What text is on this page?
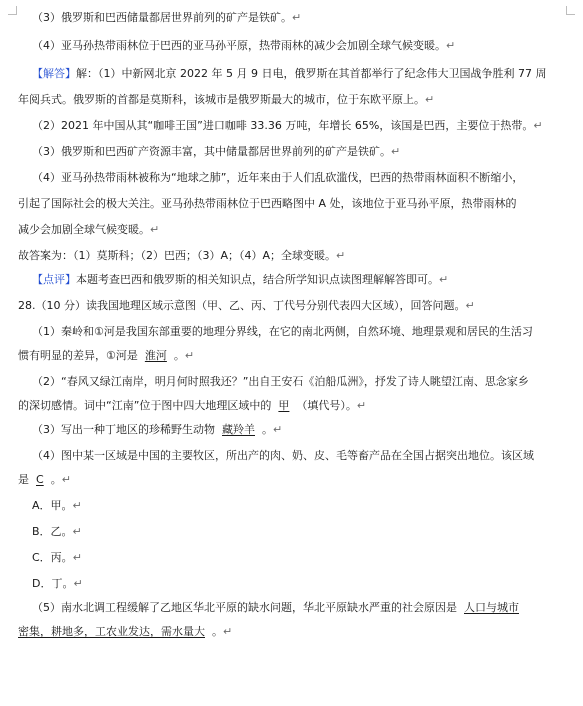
（3）俄罗斯和巴西储量都居世界前列的矿产是铁矿。↵
（4）亚马孙热带雨林位于巴西的亚马孙平原，热带雨林的减少会加剧全球气候变暖。↵
【解答】解：（1）中新网北京 2022 年 5 月 9 日电，俄罗斯在其首都举行了纪念伟大卫国战争胜利 77 周
年阅兵式。俄罗斯的首都是莫斯科，该城市是俄罗斯最大的城市，位于东欧平原上。↵
（2）2021 年中国从其“咖啡王国”进口咖啡 33.36 万吨，年增长 65%，该国是巴西，主要位于热带。↵
（3）俄罗斯和巴西矿产资源丰富，其中储量都居世界前列的矿产是铁矿。↵
（4）亚马孙热带雨林被称为“地球之肺”，近年来由于人们乱砍滥伐，巴西的热带雨林面积不断缩小，
引起了国际社会的极大关注。亚马孙热带雨林位于巴西略图中 A 处，该地位于亚马孙平原，热带雨林的
减少会加剧全球气候变暖。↵
故答案为：（1）莫斯科；（2）巴西；（3）A；（4）A；全球变暖。↵
【点评】本题考查巴西和俄罗斯的相关知识点，结合所学知识点读图理解解答即可。↵
28.（10 分）读我国地理区域示意图（甲、乙、丙、丁代号分别代表四大区域），回答问题。↵
（1）秦岭和①河是我国东部重要的地理分界线，在它的南北两侧，自然环境、地理景观和居民的生活习
惯有明显的差异，①河是 淮河 。↵
（2）“春风又绿江南岸，明月何时照我还？”出自王安石《泊船瓜洲》，抒发了诗人眺望江南、思念家乡
的深切感情。词中“江南”位于图中四大地理区域中的 甲 （填代号）。↵
（3）写出一种丁地区的珍稀野生动物 藏羚羊 。↵
（4）图中某一区域是中国的主要牧区，所出产的肉、奶、皮、毛等畜产品在全国占据突出地位。该区域
是 C 。↵
A．甲。↵
B．乙。↵
C．丙。↵
D．丁。↵
（5）南水北调工程缓解了乙地区华北平原的缺水问题，华北平原缺水严重的社会原因是 人口与城市
密集，耕地多，工农业发达，需水量大 。↵
